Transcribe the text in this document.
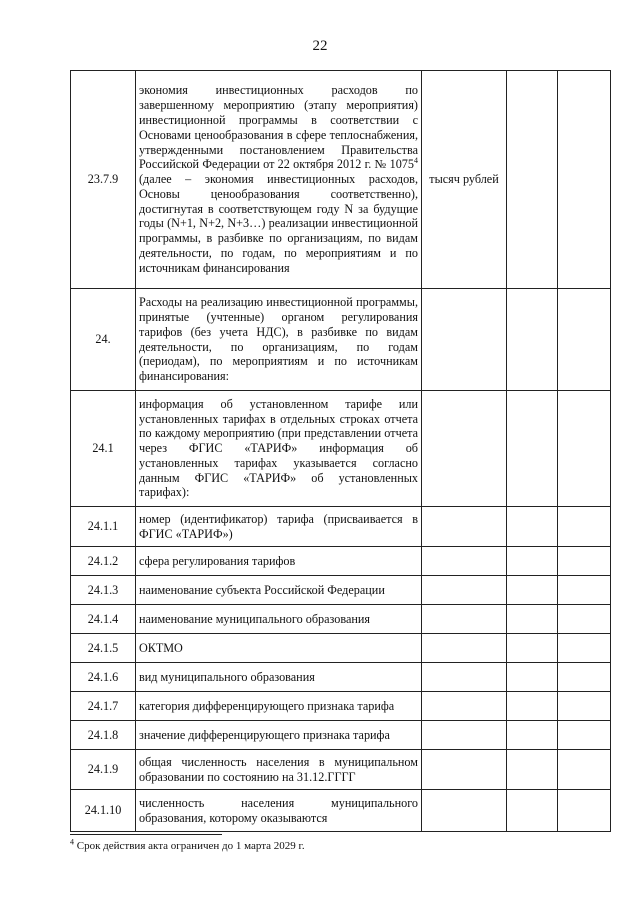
22
23.7.9	экономия инвестиционных расходов по завершенному мероприятию (этапу мероприятия) инвестиционной программы в соответствии с Основами ценообразования в сфере теплоснабжения, утвержденными постановлением Правительства Российской Федерации от 22 октября 2012 г. № 1075$^4$ (далее – экономия инвестиционных расходов, Основы ценообразования соответственно), достигнутая в соответствующем году N за будущие годы (N+1, N+2, N+3…) реализации инвестиционной программы, в разбивке по организациям, по видам деятельности, по годам, по мероприятиям и по источникам финансирования	тысяч рублей		
24.	Расходы на реализацию инвестиционной программы, принятые (учтенные) органом регулирования тарифов (без учета НДС), в разбивке по видам деятельности, по организациям, по годам (периодам), по мероприятиям и по источникам финансирования:			
24.1	информация об установленном тарифе или установленных тарифах в отдельных строках отчета по каждому мероприятию (при представлении отчета через ФГИС «ТАРИФ» информация об установленных тарифах указывается согласно данным ФГИС «ТАРИФ» об установленных тарифах):			
24.1.1	номер (идентификатор) тарифа (присваивается в ФГИС «ТАРИФ»)			
24.1.2	сфера регулирования тарифов			
24.1.3	наименование субъекта Российской Федерации			
24.1.4	наименование муниципального образования			
24.1.5	ОКТМО			
24.1.6	вид муниципального образования			
24.1.7	категория дифференцирующего признака тарифа			
24.1.8	значение дифференцирующего признака тарифа			
24.1.9	общая численность населения в муниципальном образовании по состоянию на 31.12.ГГГГ			
24.1.10	численность населения муниципального образования, которому оказываются			
$^4$ Срок действия акта ограничен до 1 марта 2029 г.
